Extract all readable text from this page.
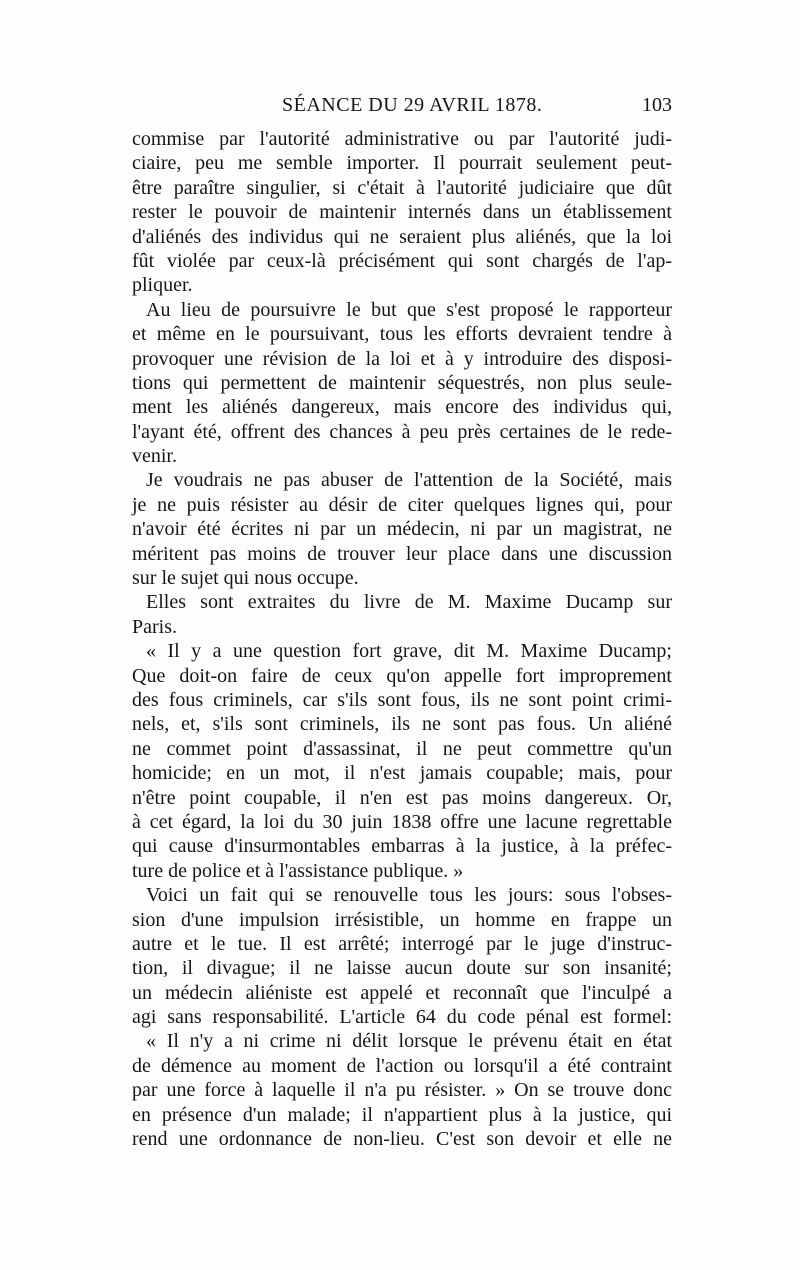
SÉANCE DU 29 AVRIL 1878.	103
commise par l'autorité administrative ou par l'autorité judi-
ciaire, peu me semble importer. Il pourrait seulement peut-
être paraître singulier, si c'était à l'autorité judiciaire que dût
rester le pouvoir de maintenir internés dans un établissement
d'aliénés des individus qui ne seraient plus aliénés, que la loi
fût violée par ceux-là précisément qui sont chargés de l'ap-
pliquer.
Au lieu de poursuivre le but que s'est proposé le rapporteur
et même en le poursuivant, tous les efforts devraient tendre à
provoquer une révision de la loi et à y introduire des disposi-
tions qui permettent de maintenir séquestrés, non plus seule-
ment les aliénés dangereux, mais encore des individus qui,
l'ayant été, offrent des chances à peu près certaines de le rede-
venir.
Je voudrais ne pas abuser de l'attention de la Société, mais
je ne puis résister au désir de citer quelques lignes qui, pour
n'avoir été écrites ni par un médecin, ni par un magistrat, ne
méritent pas moins de trouver leur place dans une discussion
sur le sujet qui nous occupe.
Elles sont extraites du livre de M. Maxime Ducamp sur
Paris.
« Il y a une question fort grave, dit M. Maxime Ducamp;
Que doit-on faire de ceux qu'on appelle fort improprement
des fous criminels, car s'ils sont fous, ils ne sont point crimi-
nels, et, s'ils sont criminels, ils ne sont pas fous. Un aliéné
ne commet point d'assassinat, il ne peut commettre qu'un
homicide; en un mot, il n'est jamais coupable; mais, pour
n'être point coupable, il n'en est pas moins dangereux. Or,
à cet égard, la loi du 30 juin 1838 offre une lacune regrettable
qui cause d'insurmontables embarras à la justice, à la préfec-
ture de police et à l'assistance publique. »
Voici un fait qui se renouvelle tous les jours: sous l'obses-
sion d'une impulsion irrésistible, un homme en frappe un
autre et le tue. Il est arrêté; interrogé par le juge d'instruc-
tion, il divague; il ne laisse aucun doute sur son insanité;
un médecin aliéniste est appelé et reconnaît que l'inculpé a
agi sans responsabilité. L'article 64 du code pénal est formel:
« Il n'y a ni crime ni délit lorsque le prévenu était en état
de démence au moment de l'action ou lorsqu'il a été contraint
par une force à laquelle il n'a pu résister. » On se trouve donc
en présence d'un malade; il n'appartient plus à la justice, qui
rend une ordonnance de non-lieu. C'est son devoir et elle ne
